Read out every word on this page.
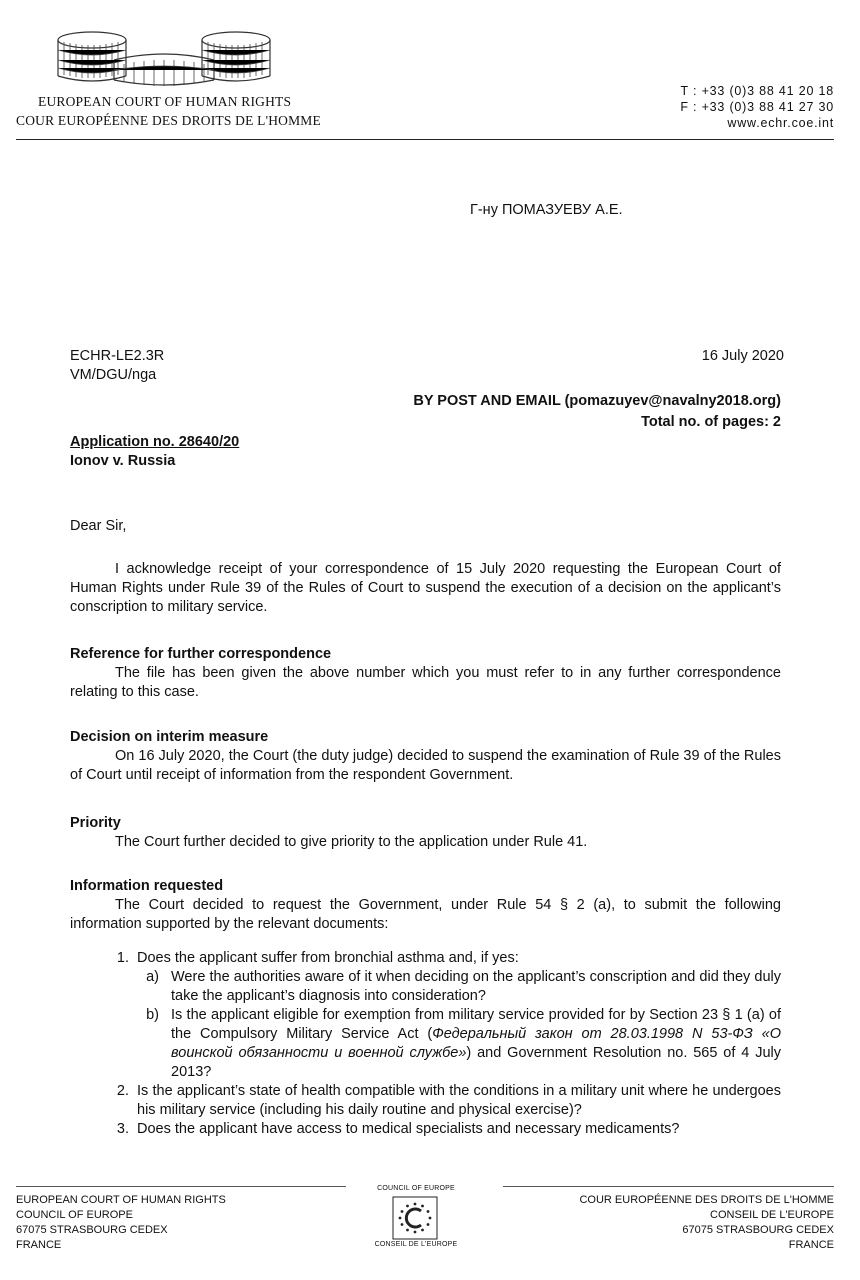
EUROPEAN COURT OF HUMAN RIGHTS
COUR EUROPÉENNE DES DROITS DE L'HOMME
T : +33 (0)3 88 41 20 18
F : +33 (0)3 88 41 27 30
www.echr.coe.int
Г-ну ПОМАЗУЕВУ А.Е.
ECHR-LE2.3R
VM/DGU/nga
16 July 2020
BY POST AND EMAIL (pomazuyev@navalny2018.org)
Total no. of pages: 2
Application no. 28640/20
Ionov v. Russia
Dear Sir,
I acknowledge receipt of your correspondence of 15 July 2020 requesting the European Court of Human Rights under Rule 39 of the Rules of Court to suspend the execution of a decision on the applicant’s conscription to military service.
Reference for further correspondence
The file has been given the above number which you must refer to in any further correspondence relating to this case.
Decision on interim measure
On 16 July 2020, the Court (the duty judge) decided to suspend the examination of Rule 39 of the Rules of Court until receipt of information from the respondent Government.
Priority
The Court further decided to give priority to the application under Rule 41.
Information requested
The Court decided to request the Government, under Rule 54 § 2 (a), to submit the following information supported by the relevant documents:
1. Does the applicant suffer from bronchial asthma and, if yes:
a) Were the authorities aware of it when deciding on the applicant’s conscription and did they duly take the applicant’s diagnosis into consideration?
b) Is the applicant eligible for exemption from military service provided for by Section 23 § 1 (a) of the Compulsory Military Service Act (Федеральный закон от 28.03.1998 N 53-ФЗ «О воинской обязанности и военной службе») and Government Resolution no. 565 of 4 July 2013?
2. Is the applicant’s state of health compatible with the conditions in a military unit where he undergoes his military service (including his daily routine and physical exercise)?
3. Does the applicant have access to medical specialists and necessary medicaments?
EUROPEAN COURT OF HUMAN RIGHTS
COUNCIL OF EUROPE
67075 STRASBOURG CEDEX
FRANCE
COUNCIL OF EUROPE
CONSEIL DE L'EUROPE
COUR EUROPÉENNE DES DROITS DE L'HOMME
CONSEIL DE L'EUROPE
67075 STRASBOURG CEDEX
FRANCE
